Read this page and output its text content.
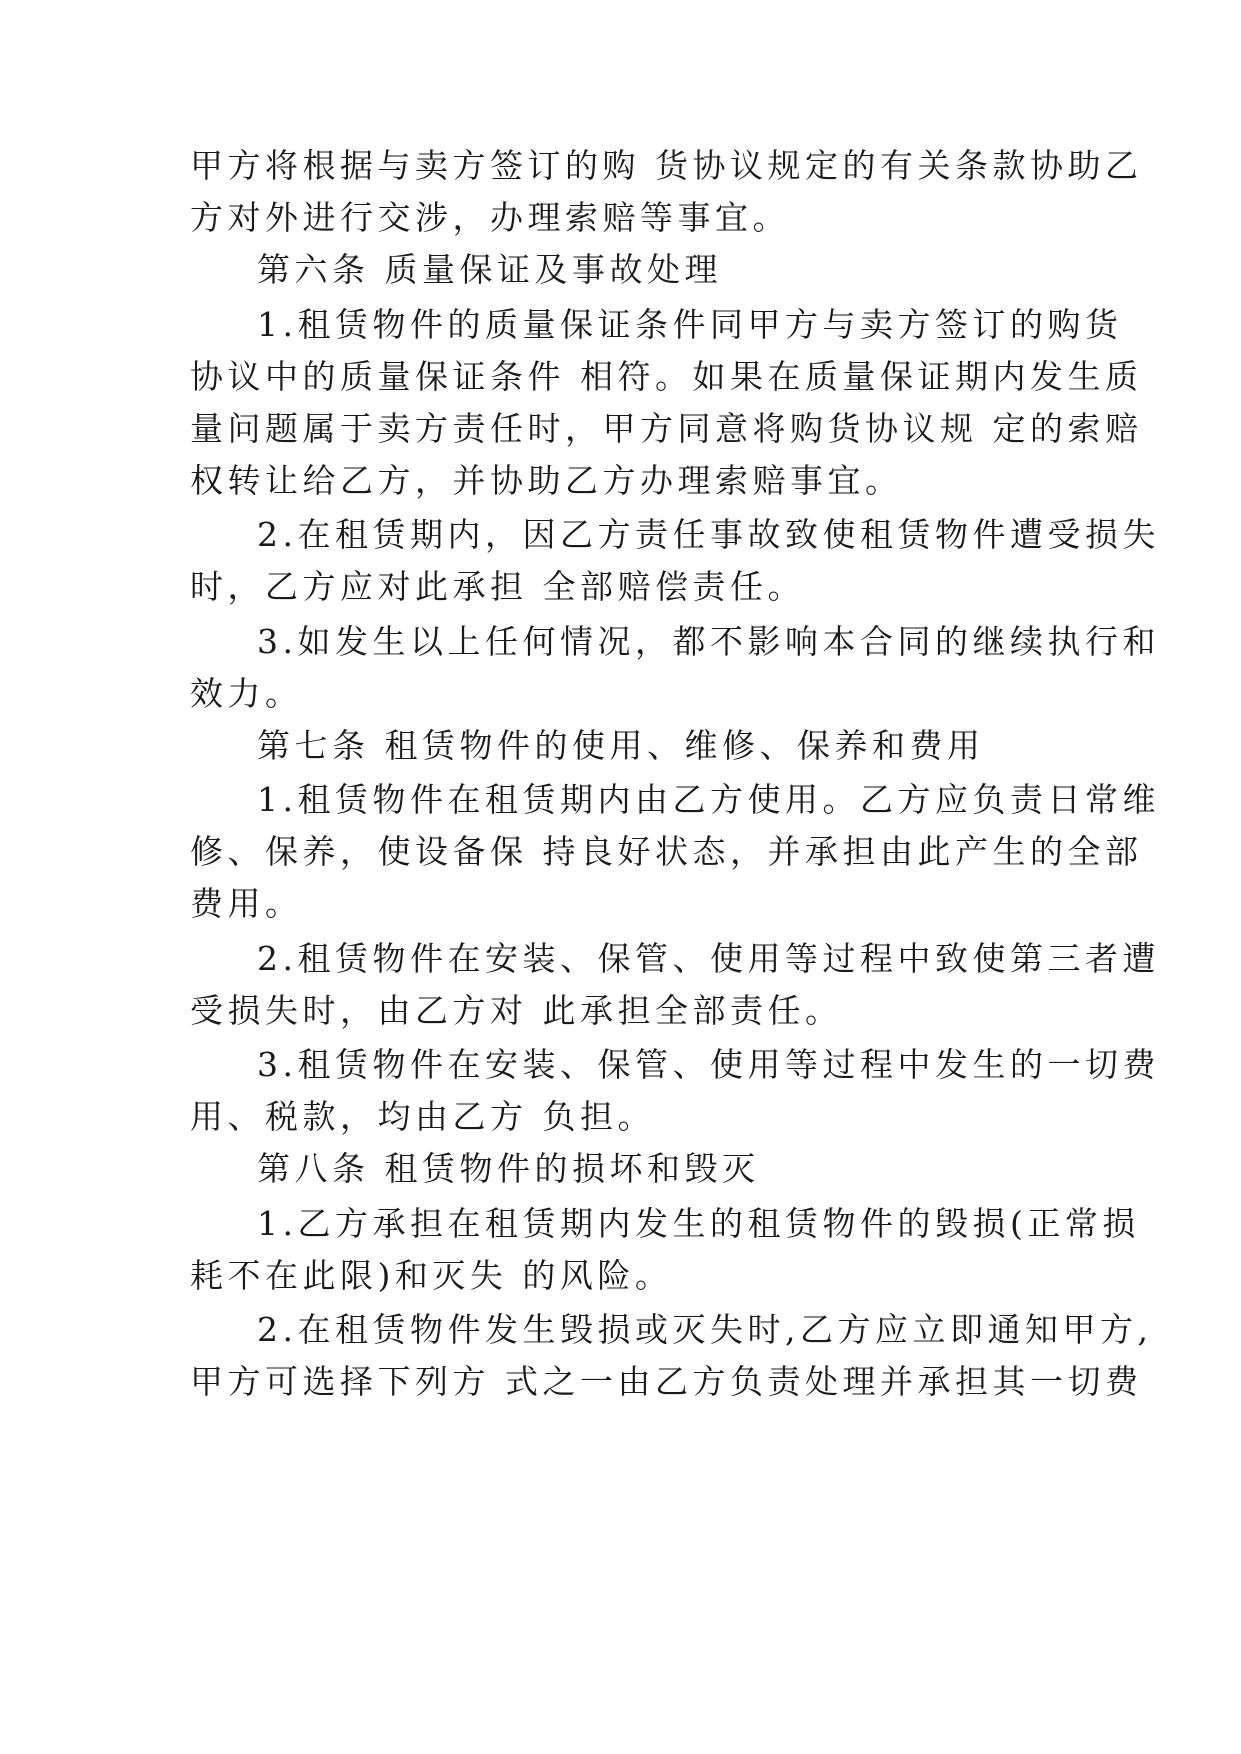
甲方将根据与卖方签订的购 货协议规定的有关条款协助乙
方对外进行交涉，办理索赔等事宜。
第六条 质量保证及事故处理
1.租赁物件的质量保证条件同甲方与卖方签订的购货
协议中的质量保证条件 相符。如果在质量保证期内发生质
量问题属于卖方责任时，甲方同意将购货协议规 定的索赔
权转让给乙方，并协助乙方办理索赔事宜。
2.在租赁期内，因乙方责任事故致使租赁物件遭受损失
时，乙方应对此承担 全部赔偿责任。
3.如发生以上任何情况，都不影响本合同的继续执行和
效力。
第七条 租赁物件的使用、维修、保养和费用
1.租赁物件在租赁期内由乙方使用。乙方应负责日常维
修、保养，使设备保 持良好状态，并承担由此产生的全部
费用。
2.租赁物件在安装、保管、使用等过程中致使第三者遭
受损失时，由乙方对 此承担全部责任。
3.租赁物件在安装、保管、使用等过程中发生的一切费
用、税款，均由乙方 负担。
第八条 租赁物件的损坏和毁灭
1.乙方承担在租赁期内发生的租赁物件的毁损(正常损
耗不在此限)和灭失 的风险。
2.在租赁物件发生毁损或灭失时,乙方应立即通知甲方,
甲方可选择下列方 式之一由乙方负责处理并承担其一切费
